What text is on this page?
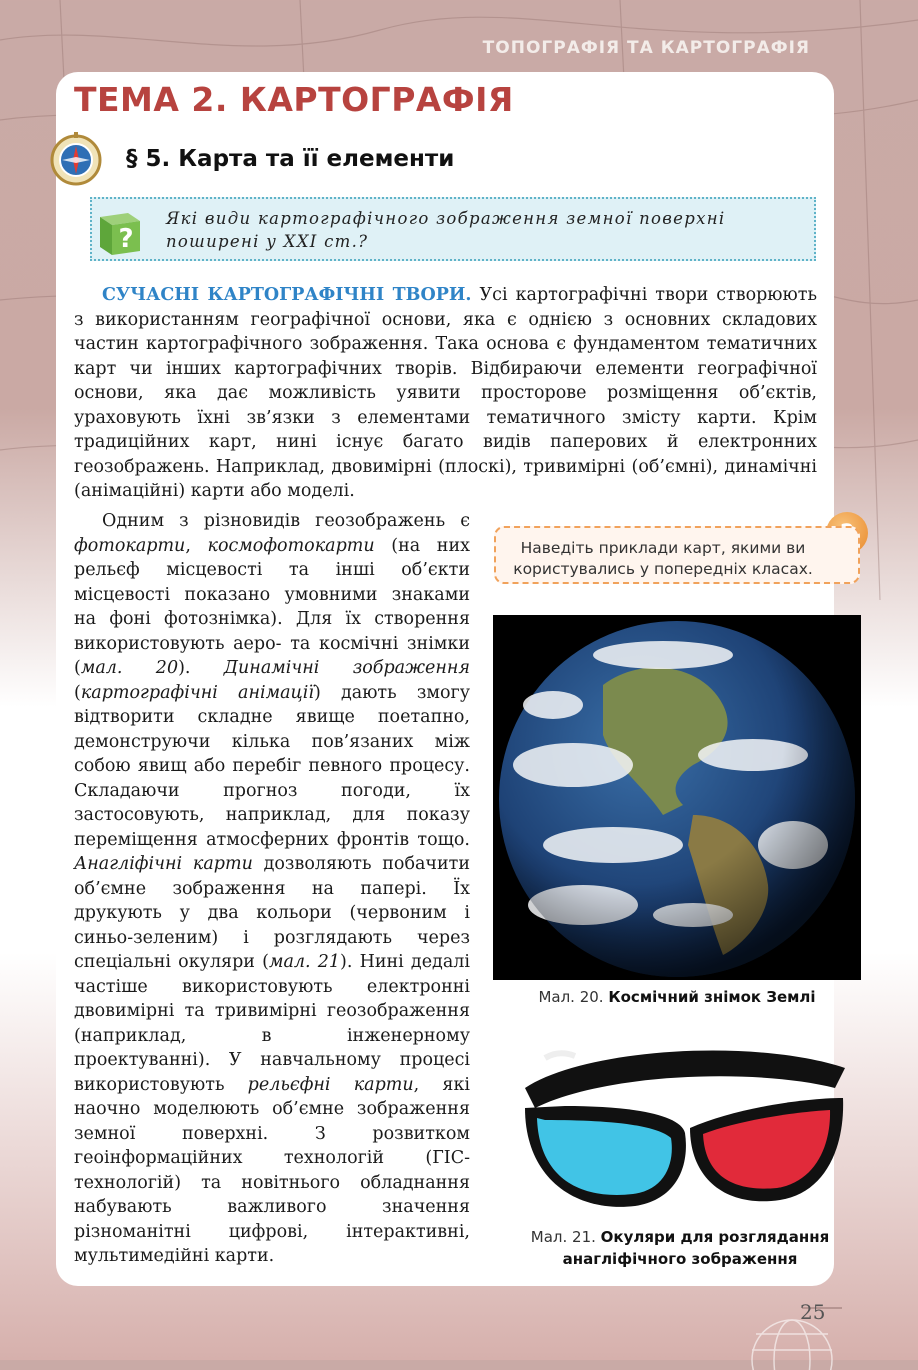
ТОПОГРАФІЯ ТА КАРТОГРАФІЯ
ТЕМА 2. КАРТОГРАФІЯ
§ 5. Карта та її елементи
?
Які види картографічного зображення земної поверхні поширені у XXI ст.?

СУЧАСНІ КАРТОГРАФІЧНІ ТВОРИ. Усі картографічні твори створюють з використанням географічної основи, яка є однією з основних складових частин картографічного зображення. Така основа є фундаментом тематичних карт чи інших картографічних творів. Відбираючи елементи географічної основи, яка дає можливість уявити просторове розміщення об’єктів, ураховують їхні зв’язки з елементами тематичного змісту карти. Крім традиційних карт, нині існує багато видів паперових й електронних геозображень. Наприклад, двовимірні (плоскі), тривимірні (об’ємні), динамічні (анімаційні) карти або моделі.

Одним з різновидів геозображень є фотокарти, космофотокарти (на них рельєф місцевості та інші об’єкти місцевості показано умовними знаками на фоні фотознімка). Для їх створення використовують аеро- та космічні знімки (мал. 20). Динамічні зображення (картографічні анімації) дають змогу відтворити складне явище поетапно, демонструючи кілька пов’язаних між собою явищ або перебіг певного процесу. Складаючи прогноз погоди, їх застосовують, наприклад, для показу переміщення атмосферних фронтів тощо. Анагліфічні карти дозволяють побачити об’ємне зображення на папері. Їх друкують у два кольори (червоним і синьо-зеленим) і розглядають через спеціальні окуляри (мал. 21). Нині дедалі частіше використовують електронні двовимірні та тривимірні геозображення (наприклад, в інженерному проектуванні). У навчальному процесі використовують рельєфні карти, які наочно моделюють об’ємне зображення земної поверхні. З розвитком геоінформаційних технологій (ГІС-технологій) та новітнього обладнання набувають важливого значення різноманітні цифрові, інтерактивні, мультимедійні карти.

Наведіть приклади карт, якими ви користувались у попередніх класах.
Мал. 20. Космічний знімок Землі
Мал. 21. Окуляри для розглядання
анагліфічного зображення
25
